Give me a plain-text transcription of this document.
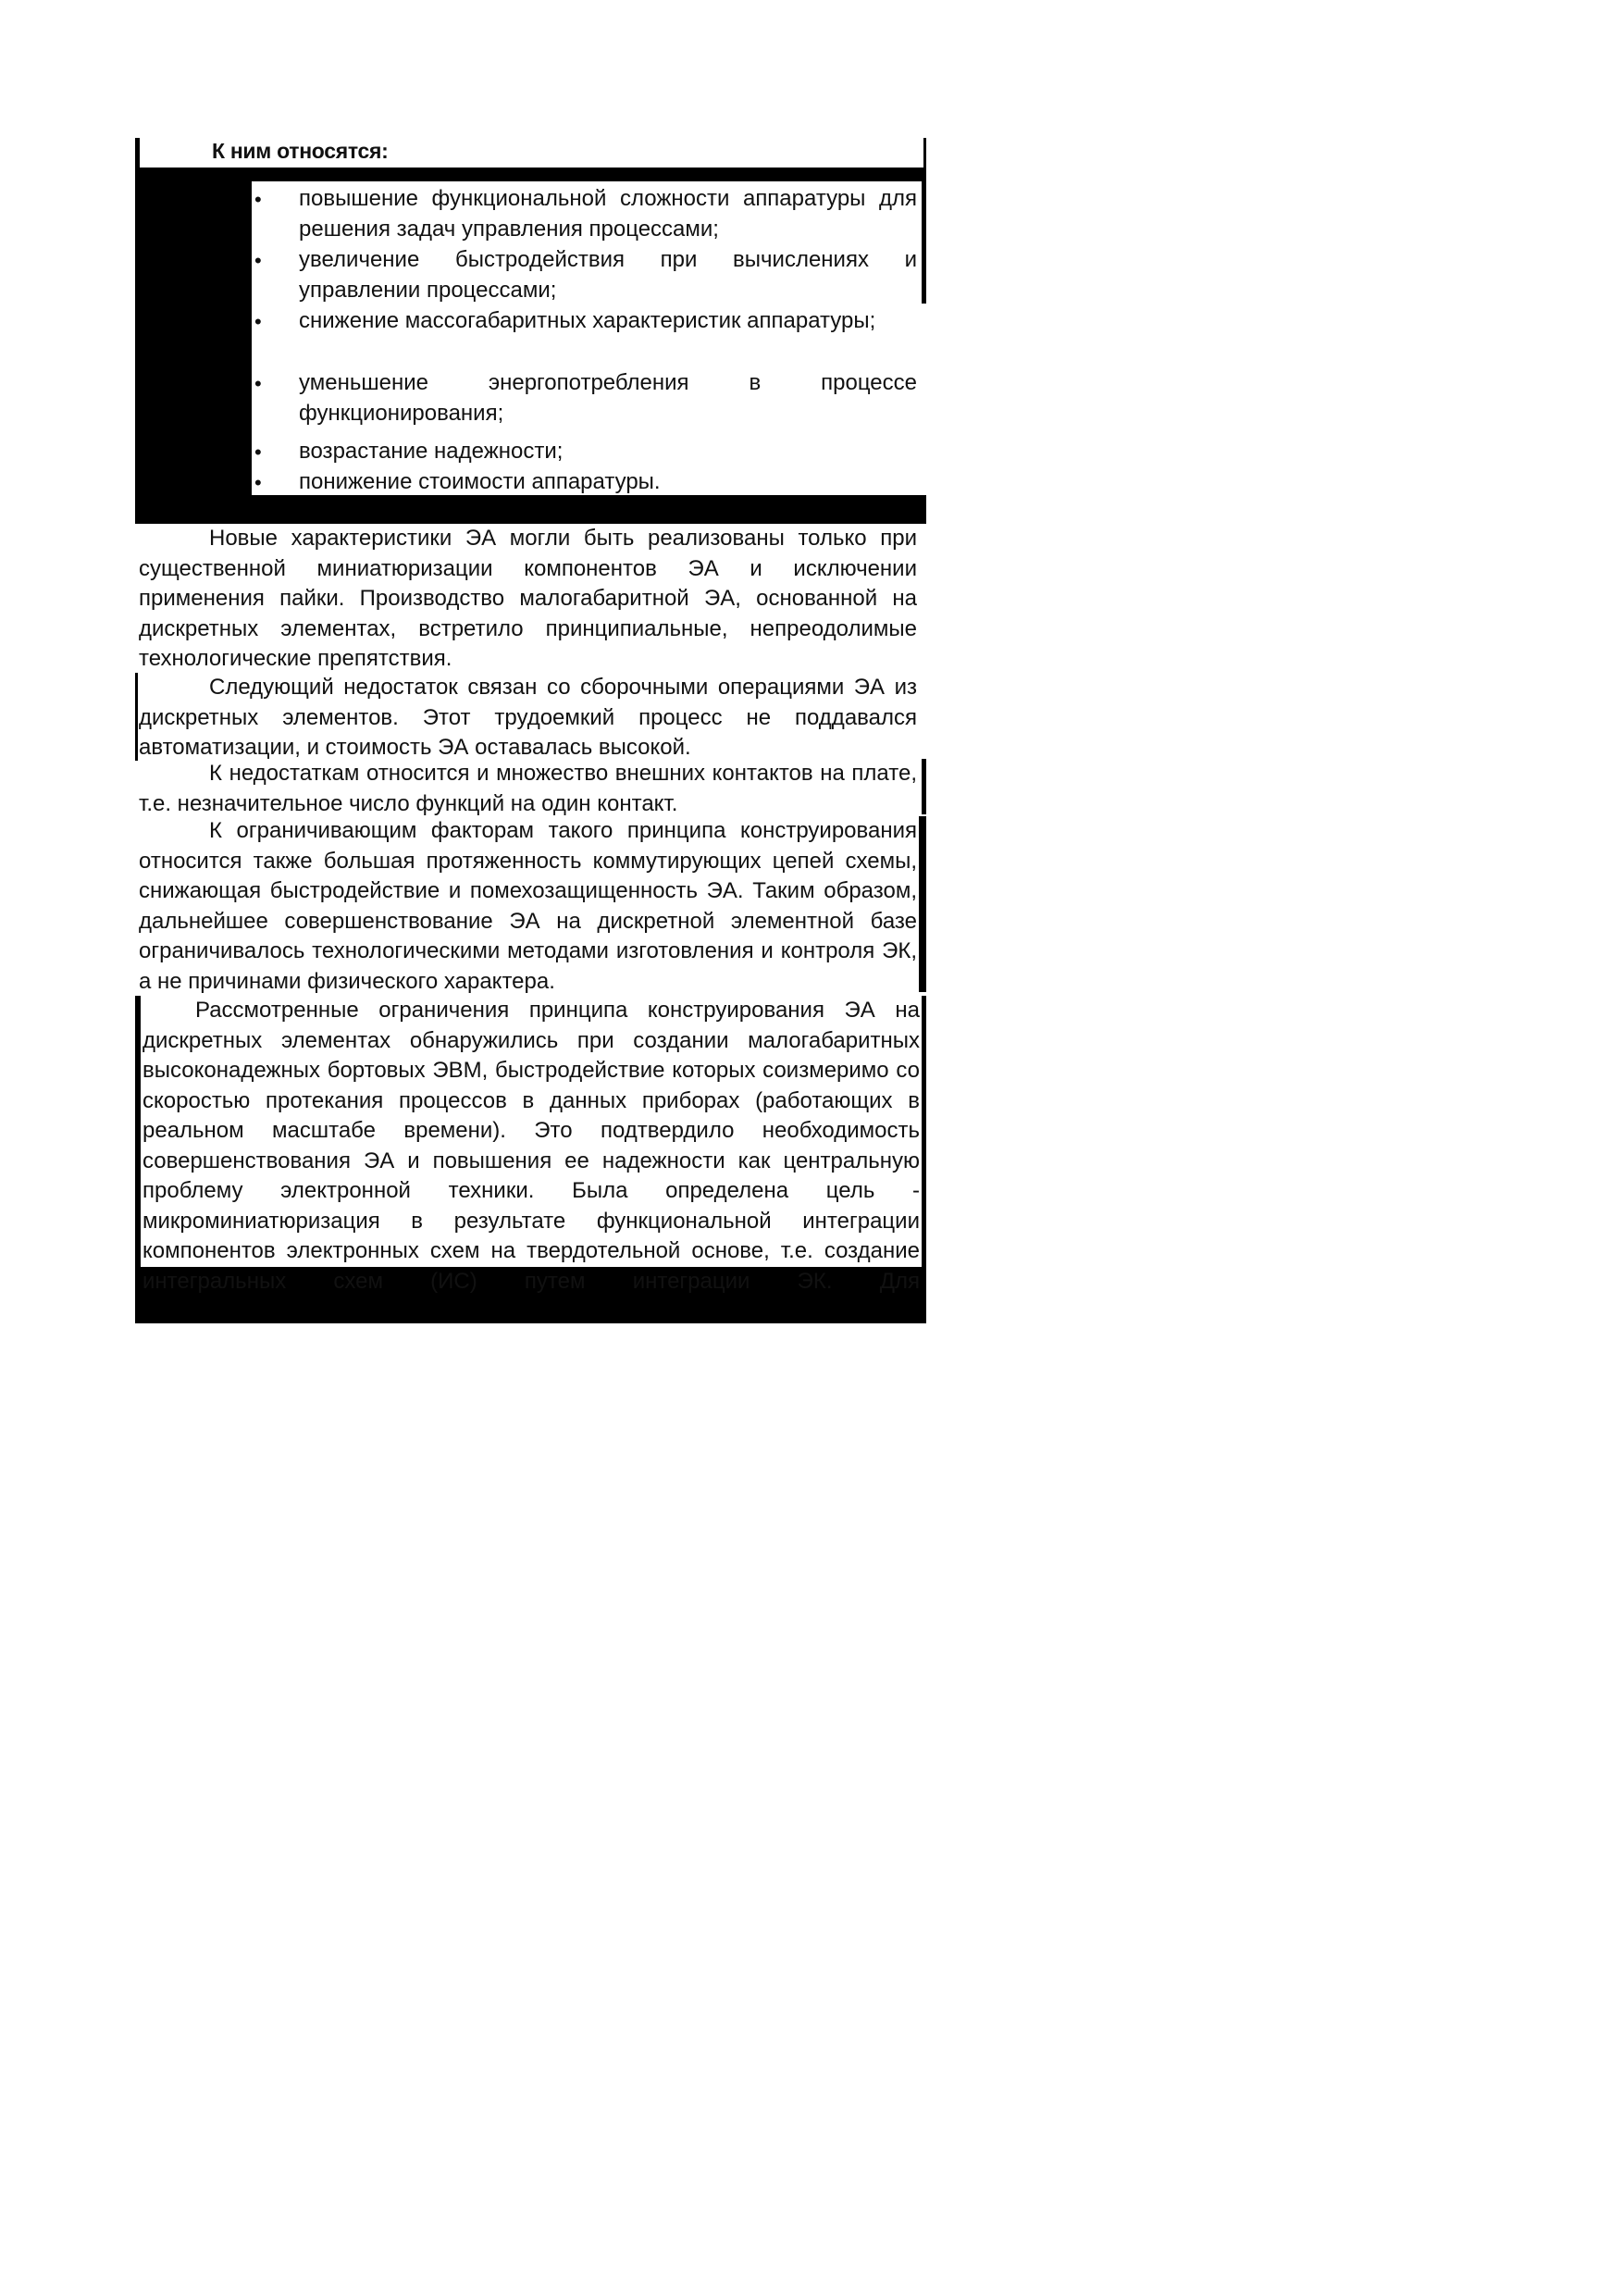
К ним относятся:
•
•
•
•
•
•
повышение функциональной сложности аппаратуры для решения задач управления процессами;
увеличение быстродействия при вычислениях и управлении процессами;
снижение массогабаритных характеристик аппаратуры;
уменьшение энергопотребления в процессе функционирования;
возрастание надежности;
понижение стоимости аппаратуры.

Новые характеристики ЭА могли быть реализованы только при существенной миниатюризации компонентов ЭА и исключении применения пайки. Производство малогабаритной ЭА, основанной на дискретных элементах, встретило принципиальные, непреодолимые технологические препятствия.

Следующий недостаток связан со сборочными операциями ЭА из дискретных элементов. Этот трудоемкий процесс не поддавался автоматизации, и стоимость ЭА оставалась высокой.

К недостаткам относится и множество внешних контактов на плате, т.е. незначительное число функций на один контакт.

К ограничивающим факторам такого принципа конструирования относится также большая протяженность коммутирующих цепей схемы, снижающая быстродействие и помехозащищенность ЭА. Таким образом, дальнейшее совершенствование ЭА на дискретной элементной базе ограничивалось технологическими методами изготовления и контроля ЭК, а не причинами физического характера.

Рассмотренные ограничения принципа конструирования ЭА на дискретных элементах обнаружились при создании малогабаритных высоконадежных бортовых ЭВМ, быстродействие которых соизмеримо со скоростью протекания процессов в данных приборах (работающих в реальном масштабе времени). Это подтвердило необходимость совершенствования ЭА и повышения ее надежности как центральную проблему электронной техники. Была определена цель - микроминиатюризация в результате функциональной интеграции компонентов электронных схем на твердотельной основе, т.е. создание интегральных схем (ИС) путем интеграции ЭК. Для
